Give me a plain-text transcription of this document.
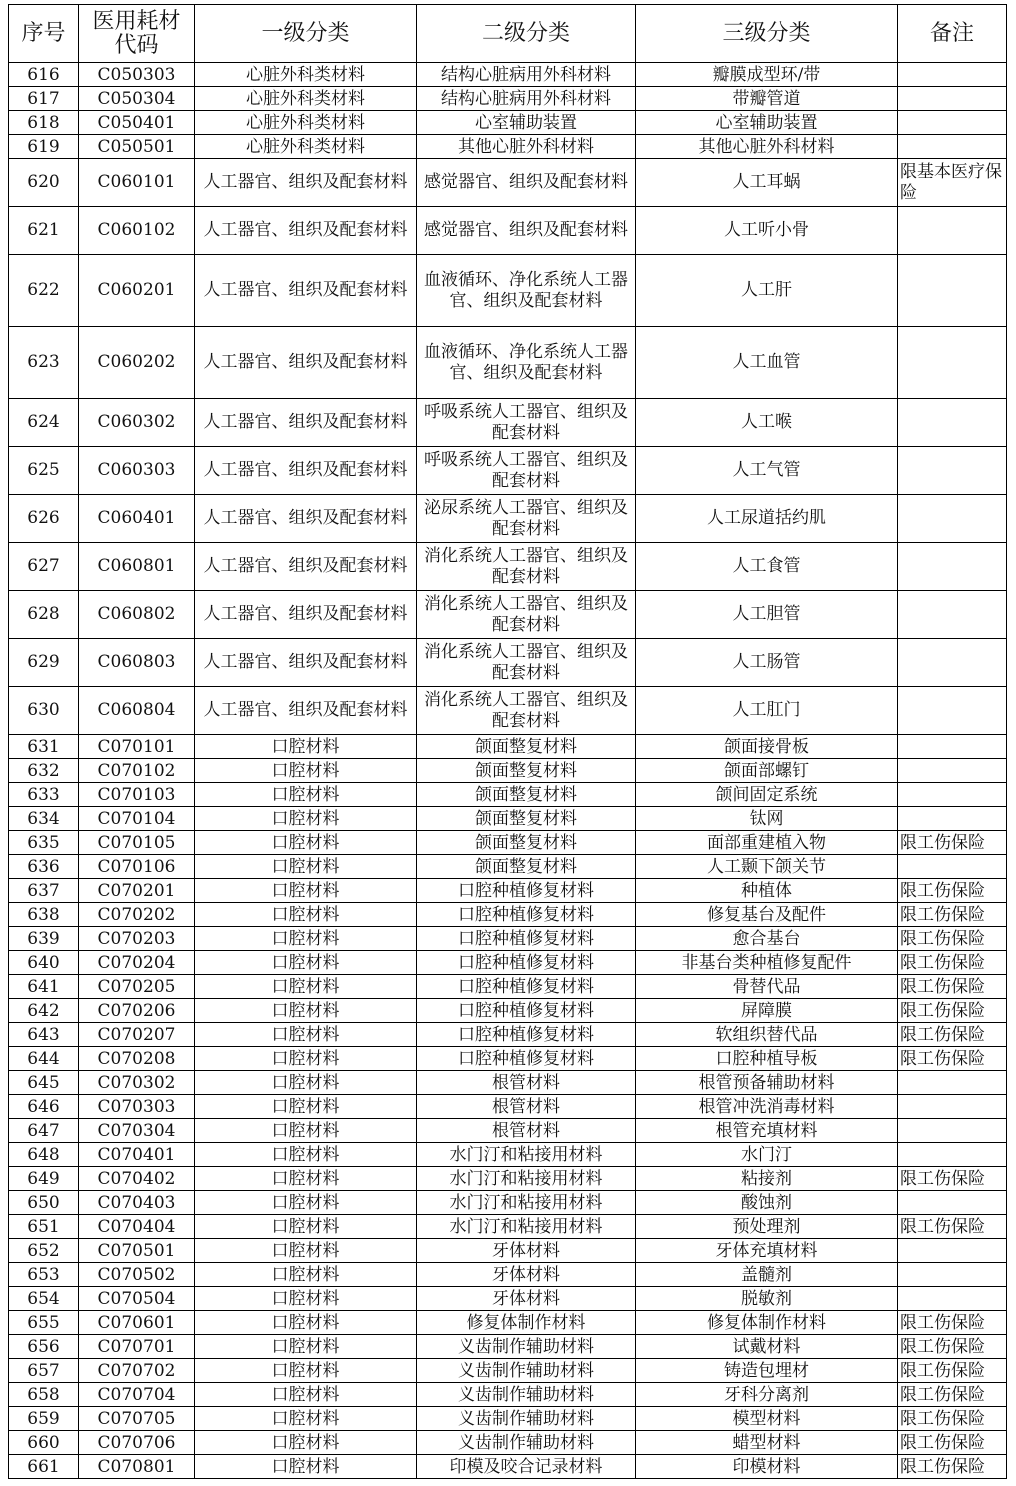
序号	医用耗材代码	一级分类	二级分类	三级分类	备注
616	C050303	心脏外科类材料	结构心脏病用外科材料	瓣膜成型环/带	
617	C050304	心脏外科类材料	结构心脏病用外科材料	带瓣管道	
618	C050401	心脏外科类材料	心室辅助装置	心室辅助装置	
619	C050501	心脏外科类材料	其他心脏外科材料	其他心脏外科材料	
620	C060101	人工器官、组织及配套材料	感觉器官、组织及配套材料	人工耳蜗	限基本医疗保险
621	C060102	人工器官、组织及配套材料	感觉器官、组织及配套材料	人工听小骨	
622	C060201	人工器官、组织及配套材料	血液循环、净化系统人工器官、组织及配套材料	人工肝	
623	C060202	人工器官、组织及配套材料	血液循环、净化系统人工器官、组织及配套材料	人工血管	
624	C060302	人工器官、组织及配套材料	呼吸系统人工器官、组织及配套材料	人工喉	
625	C060303	人工器官、组织及配套材料	呼吸系统人工器官、组织及配套材料	人工气管	
626	C060401	人工器官、组织及配套材料	泌尿系统人工器官、组织及配套材料	人工尿道括约肌	
627	C060801	人工器官、组织及配套材料	消化系统人工器官、组织及配套材料	人工食管	
628	C060802	人工器官、组织及配套材料	消化系统人工器官、组织及配套材料	人工胆管	
629	C060803	人工器官、组织及配套材料	消化系统人工器官、组织及配套材料	人工肠管	
630	C060804	人工器官、组织及配套材料	消化系统人工器官、组织及配套材料	人工肛门	
631	C070101	口腔材料	颌面整复材料	颌面接骨板	
632	C070102	口腔材料	颌面整复材料	颌面部螺钉	
633	C070103	口腔材料	颌面整复材料	颌间固定系统	
634	C070104	口腔材料	颌面整复材料	钛网	
635	C070105	口腔材料	颌面整复材料	面部重建植入物	限工伤保险
636	C070106	口腔材料	颌面整复材料	人工颞下颌关节	
637	C070201	口腔材料	口腔种植修复材料	种植体	限工伤保险
638	C070202	口腔材料	口腔种植修复材料	修复基台及配件	限工伤保险
639	C070203	口腔材料	口腔种植修复材料	愈合基台	限工伤保险
640	C070204	口腔材料	口腔种植修复材料	非基台类种植修复配件	限工伤保险
641	C070205	口腔材料	口腔种植修复材料	骨替代品	限工伤保险
642	C070206	口腔材料	口腔种植修复材料	屏障膜	限工伤保险
643	C070207	口腔材料	口腔种植修复材料	软组织替代品	限工伤保险
644	C070208	口腔材料	口腔种植修复材料	口腔种植导板	限工伤保险
645	C070302	口腔材料	根管材料	根管预备辅助材料	
646	C070303	口腔材料	根管材料	根管冲洗消毒材料	
647	C070304	口腔材料	根管材料	根管充填材料	
648	C070401	口腔材料	水门汀和粘接用材料	水门汀	
649	C070402	口腔材料	水门汀和粘接用材料	粘接剂	限工伤保险
650	C070403	口腔材料	水门汀和粘接用材料	酸蚀剂	
651	C070404	口腔材料	水门汀和粘接用材料	预处理剂	限工伤保险
652	C070501	口腔材料	牙体材料	牙体充填材料	
653	C070502	口腔材料	牙体材料	盖髓剂	
654	C070504	口腔材料	牙体材料	脱敏剂	
655	C070601	口腔材料	修复体制作材料	修复体制作材料	限工伤保险
656	C070701	口腔材料	义齿制作辅助材料	试戴材料	限工伤保险
657	C070702	口腔材料	义齿制作辅助材料	铸造包埋材	限工伤保险
658	C070704	口腔材料	义齿制作辅助材料	牙科分离剂	限工伤保险
659	C070705	口腔材料	义齿制作辅助材料	模型材料	限工伤保险
660	C070706	口腔材料	义齿制作辅助材料	蜡型材料	限工伤保险
661	C070801	口腔材料	印模及咬合记录材料	印模材料	限工伤保险
